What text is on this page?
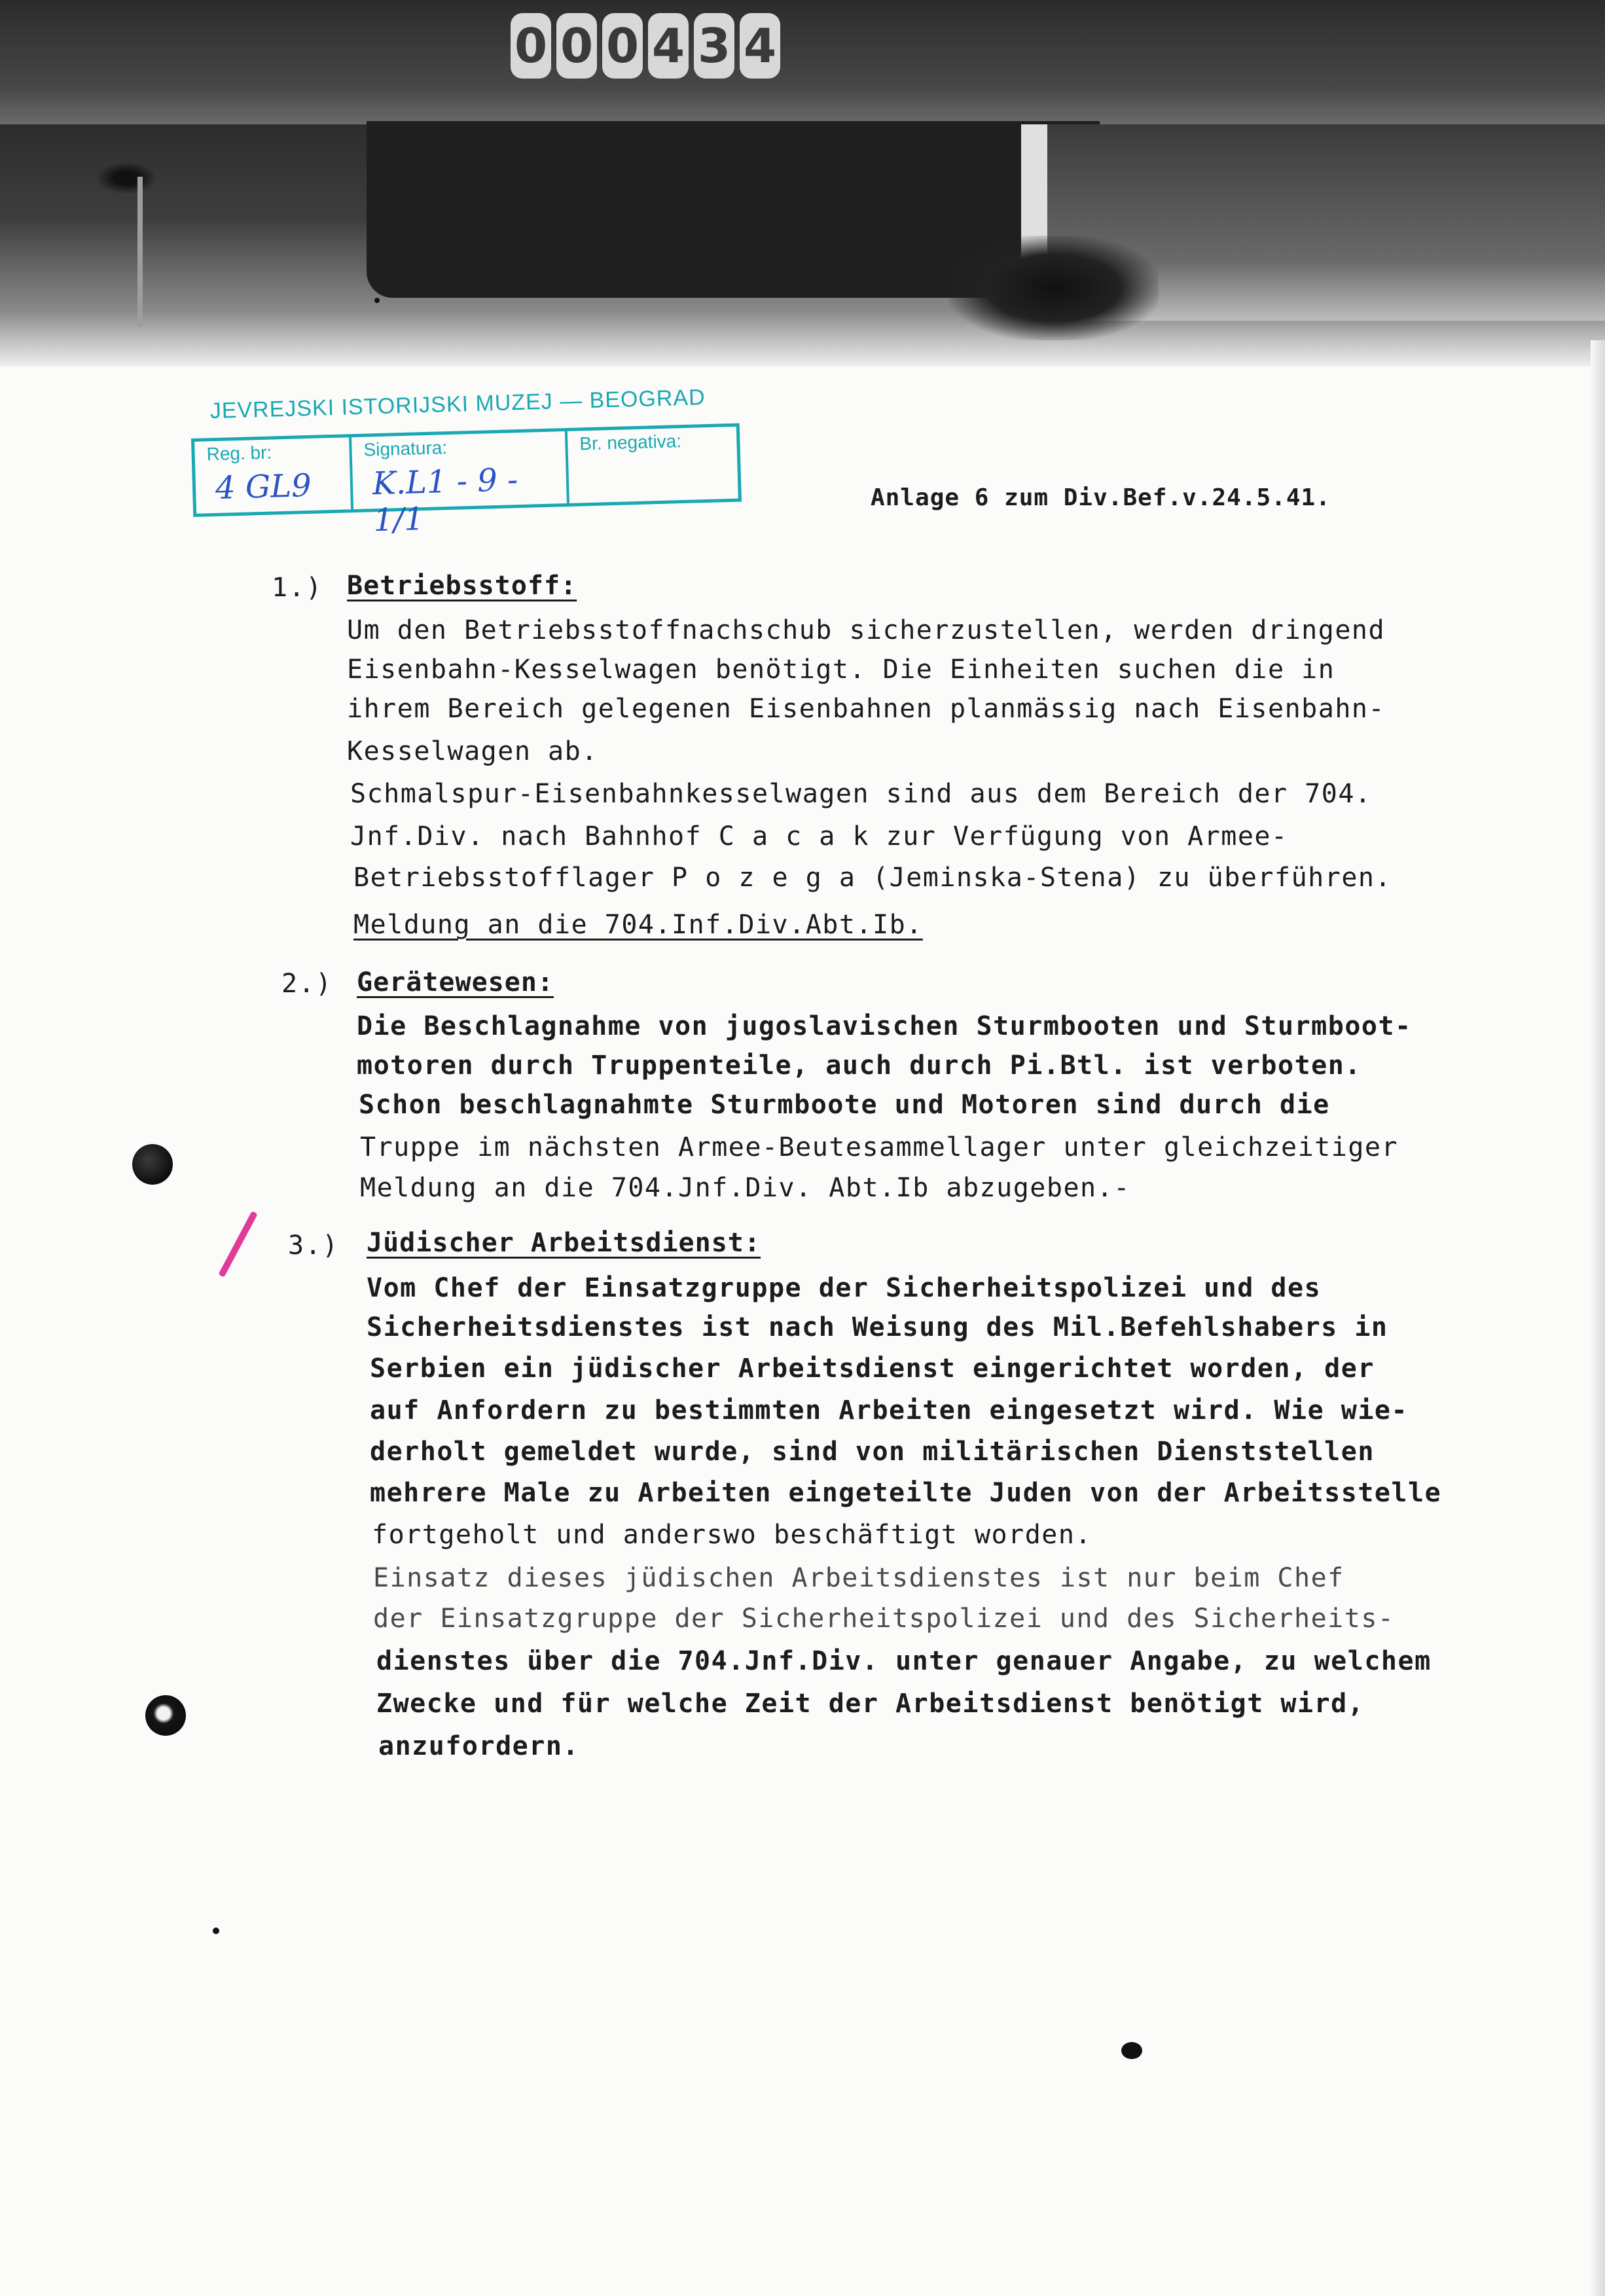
0 0 0 4 3 4
JEVREJSKI ISTORIJSKI MUZEJ — BEOGRAD
Reg. br:
4 GL9
Signatura:
K.L1 - 9 - 1/1
Br. negativa:
Anlage 6 zum Div.Bef.v.24.5.41.
1.) Betriebsstoff:
Um den Betriebsstoffnachschub sicherzustellen, werden dringend
Eisenbahn-Kesselwagen benötigt. Die Einheiten suchen die in
ihrem Bereich gelegenen Eisenbahnen planmässig nach Eisenbahn-
Kesselwagen ab.
Schmalspur-Eisenbahnkesselwagen sind aus dem Bereich der 704.
Jnf.Div. nach Bahnhof C a c a k zur Verfügung von Armee-
Betriebsstofflager P o z e g a (Jeminska-Stena) zu überführen.
Meldung an die 704.Inf.Div.Abt.Ib.
2.) Gerätewesen:
Die Beschlagnahme von jugoslavischen Sturmbooten und Sturmboot-
motoren durch Truppenteile, auch durch Pi.Btl. ist verboten.
Schon beschlagnahmte Sturmboote und Motoren sind durch die
Truppe im nächsten Armee-Beutesammellager unter gleichzeitiger
Meldung an die 704.Jnf.Div. Abt.Ib abzugeben.-
3.) Jüdischer Arbeitsdienst:
Vom Chef der Einsatzgruppe der Sicherheitspolizei und des
Sicherheitsdienstes ist nach Weisung des Mil.Befehlshabers in
Serbien ein jüdischer Arbeitsdienst eingerichtet worden, der
auf Anfordern zu bestimmten Arbeiten eingesetzt wird. Wie wie-
derholt gemeldet wurde, sind von militärischen Dienststellen
mehrere Male zu Arbeiten eingeteilte Juden von der Arbeitsstelle
fortgeholt und anderswo beschäftigt worden.
Einsatz dieses jüdischen Arbeitsdienstes ist nur beim Chef
der Einsatzgruppe der Sicherheitspolizei und des Sicherheits-
dienstes über die 704.Jnf.Div. unter genauer Angabe, zu welchem
Zwecke und für welche Zeit der Arbeitsdienst benötigt wird,
anzufordern.
